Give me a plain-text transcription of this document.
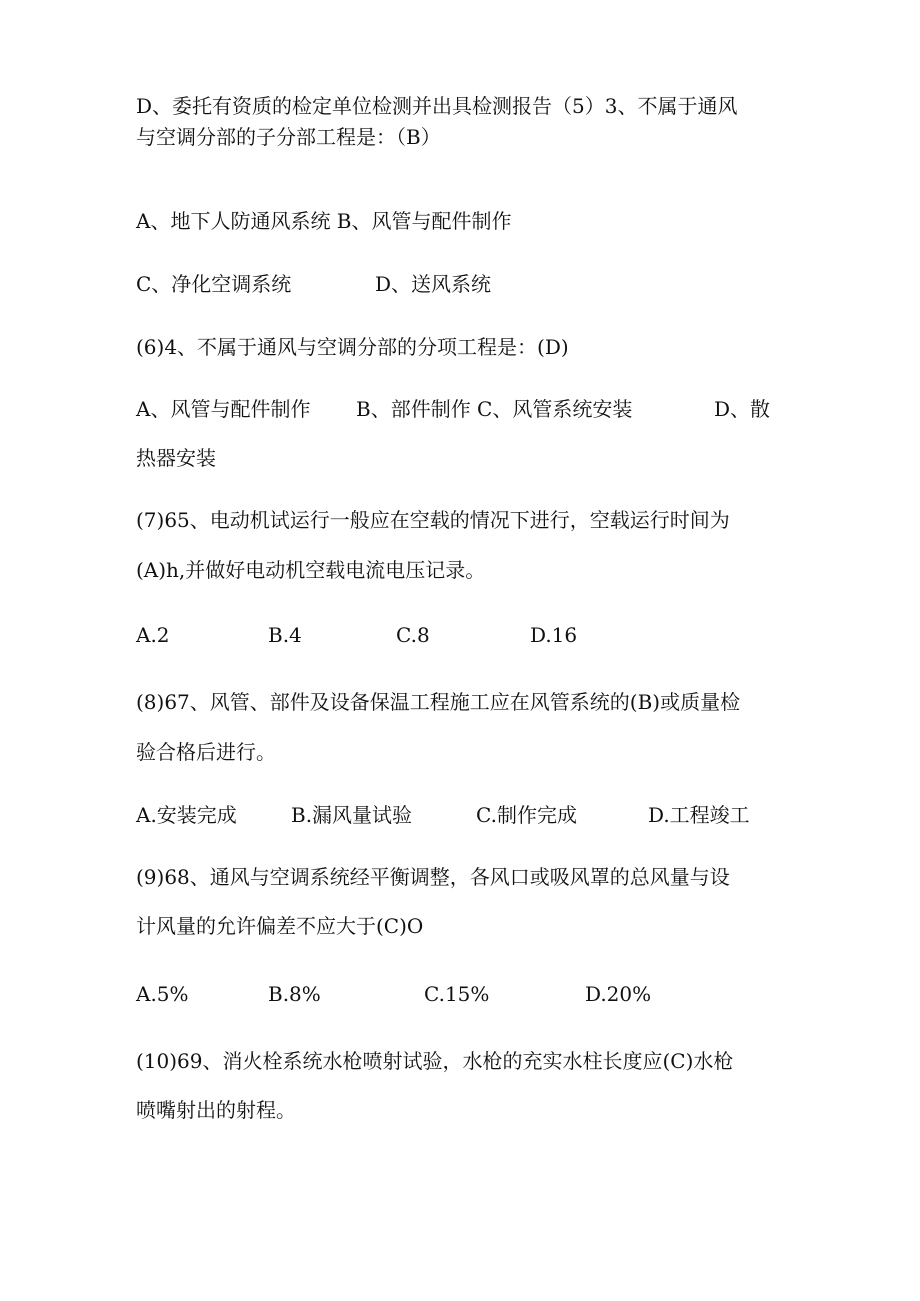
D、委托有资质的检定单位检测并出具检测报告（5）3、不属于通风
与空调分部的子分部工程是：（B）
A、地下人防通风系统 B、风管与配件制作
C、净化空调系统	D、送风系统
(6)4、不属于通风与空调分部的分项工程是：(D)
A、风管与配件制作 B、部件制作 C、风管系统安装	D、散
热器安装
(7)65、电动机试运行一般应在空载的情况下进行，空载运行时间为
(A)h,并做好电动机空载电流电压记录。
A.2	B.4	C.8	D.16
(8)67、风管、部件及设备保温工程施工应在风管系统的(B)或质量检
验合格后进行。
A.安装完成	B.漏风量试验	C.制作完成	D.工程竣工
(9)68、通风与空调系统经平衡调整，各风口或吸风罩的总风量与设
计风量的允许偏差不应大于(C)O
A.5%	B.8%	C.15%	D.20%
(10)69、消火栓系统水枪喷射试验，水枪的充实水柱长度应(C)水枪
喷嘴射出的射程。
